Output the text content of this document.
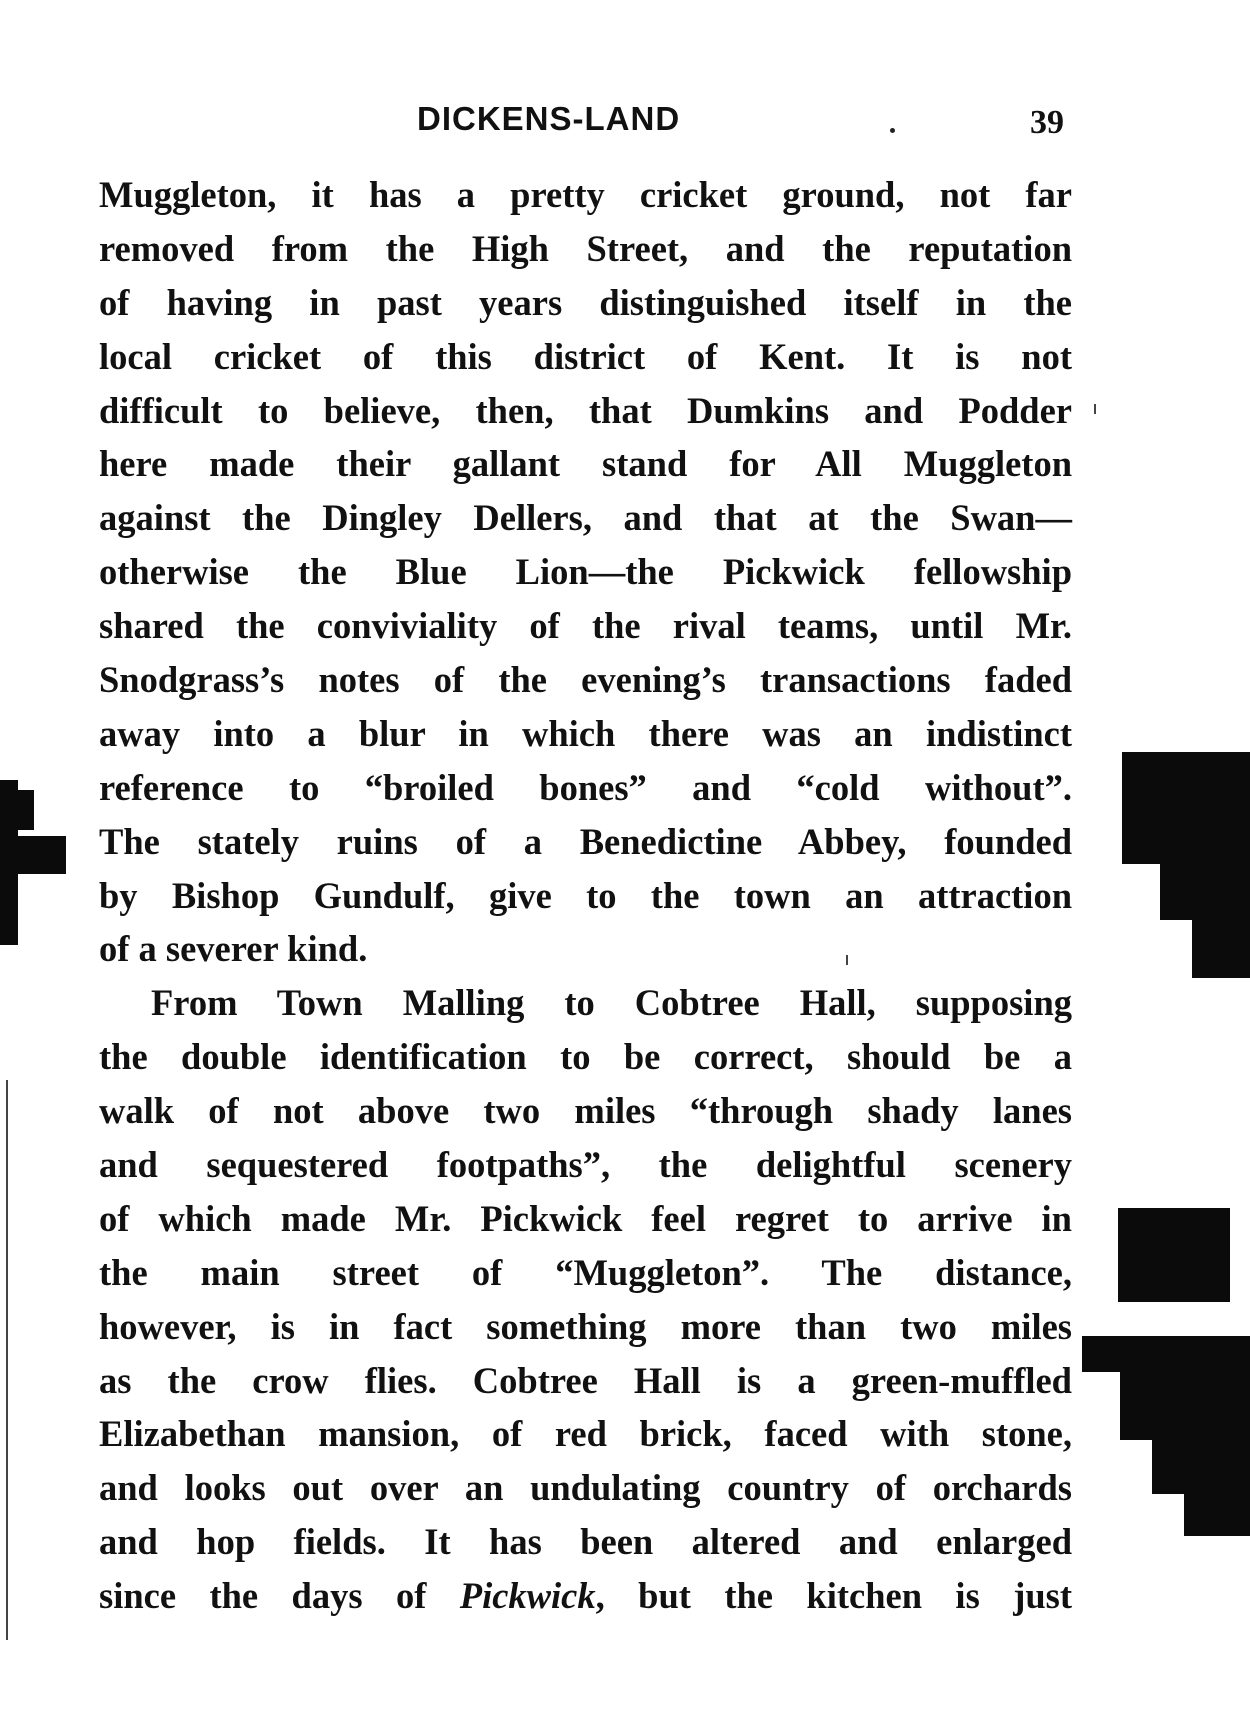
DICKENS-LAND	39
Muggleton, it has a pretty cricket ground, not far
removed from the High Street, and the reputation
of having in past years distinguished itself in the
local cricket of this district of Kent. It is not
difficult to believe, then, that Dumkins and Podder
here made their gallant stand for All Muggleton
against the Dingley Dellers, and that at the Swan—
otherwise the Blue Lion—the Pickwick fellowship
shared the conviviality of the rival teams, until Mr.
Snodgrass’s notes of the evening’s transactions faded
away into a blur in which there was an indistinct
reference to “broiled bones” and “cold without”.
The stately ruins of a Benedictine Abbey, founded
by Bishop Gundulf, give to the town an attraction
of a severer kind.
From Town Malling to Cobtree Hall, supposing
the double identification to be correct, should be a
walk of not above two miles “through shady lanes
and sequestered footpaths”, the delightful scenery
of which made Mr. Pickwick feel regret to arrive in
the main street of “Muggleton”. The distance,
however, is in fact something more than two miles
as the crow flies. Cobtree Hall is a green-muffled
Elizabethan mansion, of red brick, faced with stone,
and looks out over an undulating country of orchards
and hop fields. It has been altered and enlarged
since the days of Pickwick, but the kitchen is just
